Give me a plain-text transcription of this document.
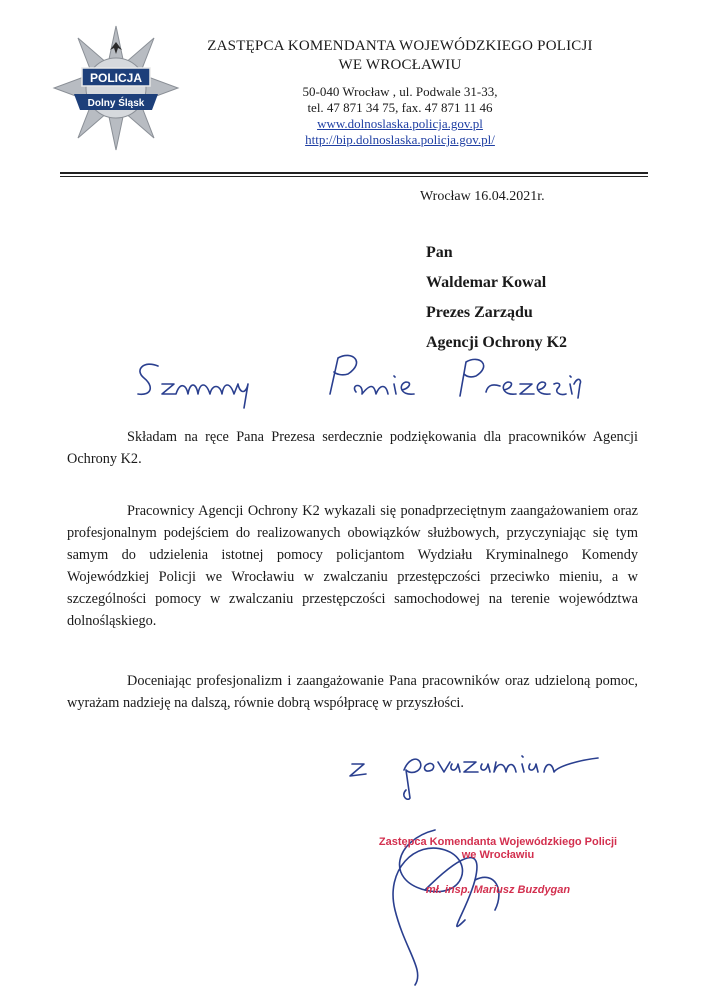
POLICJA
Dolny Śląsk
ZASTĘPCA KOMENDANTA WOJEWÓDZKIEGO POLICJI
WE WROCŁAWIU
50-040 Wrocław , ul. Podwale 31-33,
tel. 47 871 34 75, fax. 47 871 11 46
www.dolnoslaska.policja.gov.pl
http://bip.dolnoslaska.policja.gov.pl/
Wrocław 16.04.2021r.
Pan
Waldemar Kowal
Prezes Zarządu
Agencji Ochrony K2

Składam na ręce Pana Prezesa serdecznie podziękowania dla pracowników Agencji Ochrony K2.

Pracownicy Agencji Ochrony K2 wykazali się ponadprzeciętnym zaangażowaniem oraz profesjonalnym podejściem do realizowanych obowiązków służbowych, przyczyniając się tym samym do udzielenia istotnej pomocy policjantom Wydziału Kryminalnego Komendy Wojewódzkiej Policji we Wrocławiu w zwalczaniu przestępczości przeciwko mieniu, a w szczególności pomocy w zwalczaniu przestępczości samochodowej na terenie województwa dolnośląskiego.

Doceniając profesjonalizm i zaangażowanie Pana pracowników oraz udzieloną pomoc, wyrażam nadzieję na dalszą, równie dobrą współpracę w przyszłości.

Zastępca Komendanta Wojewódzkiego Policji
we Wrocławiu
mł. insp. Mariusz Buzdygan
